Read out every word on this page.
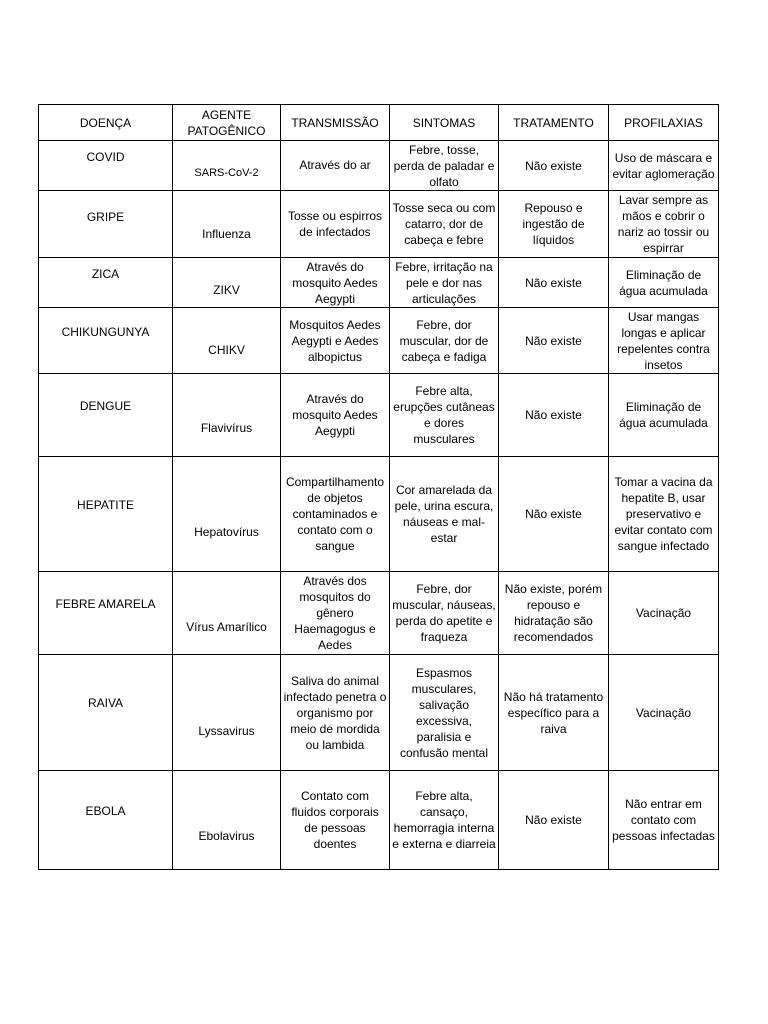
DOENÇA	AGENTE PATOGÊNICO	TRANSMISSÃO	SINTOMAS	TRATAMENTO	PROFILAXIAS
COVID	SARS-CoV-2	Através do ar	Febre, tosse, perda de paladar e olfato	Não existe	Uso de máscara e evitar aglomeração
GRIPE	Influenza	Tosse ou espirros de infectados	Tosse seca ou com catarro, dor de cabeça e febre	Repouso e ingestão de líquidos	Lavar sempre as mãos e cobrir o nariz ao tossir ou espirrar
ZICA	ZIKV	Através do mosquito Aedes Aegypti	Febre, irritação na pele e dor nas articulações	Não existe	Eliminação de água acumulada
CHIKUNGUNYA	CHIKV	Mosquitos Aedes Aegypti e Aedes albopictus	Febre, dor muscular, dor de cabeça e fadiga	Não existe	Usar mangas longas e aplicar repelentes contra insetos
DENGUE	Flavivírus	Através do mosquito Aedes Aegypti	Febre alta, erupções cutâneas e dores musculares	Não existe	Eliminação de água acumulada
HEPATITE	Hepatovírus	Compartilhamento de objetos contaminados e contato com o sangue	Cor amarelada da pele, urina escura, náuseas e mal-estar	Não existe	Tomar a vacina da hepatite B, usar preservativo e evitar contato com sangue infectado
FEBRE AMARELA	Vírus Amarílico	Através dos mosquitos do gênero Haemagogus e Aedes	Febre, dor muscular, náuseas, perda do apetite e fraqueza	Não existe, porém repouso e hidratação são recomendados	Vacinação
RAIVA	Lyssavirus	Saliva do animal infectado penetra o organismo por meio de mordida ou lambida	Espasmos musculares, salivação excessiva, paralisia e confusão mental	Não há tratamento específico para a raiva	Vacinação
EBOLA	Ebolavirus	Contato com fluidos corporais de pessoas doentes	Febre alta, cansaço, hemorragia interna e externa e diarreia	Não existe	Não entrar em contato com pessoas infectadas
